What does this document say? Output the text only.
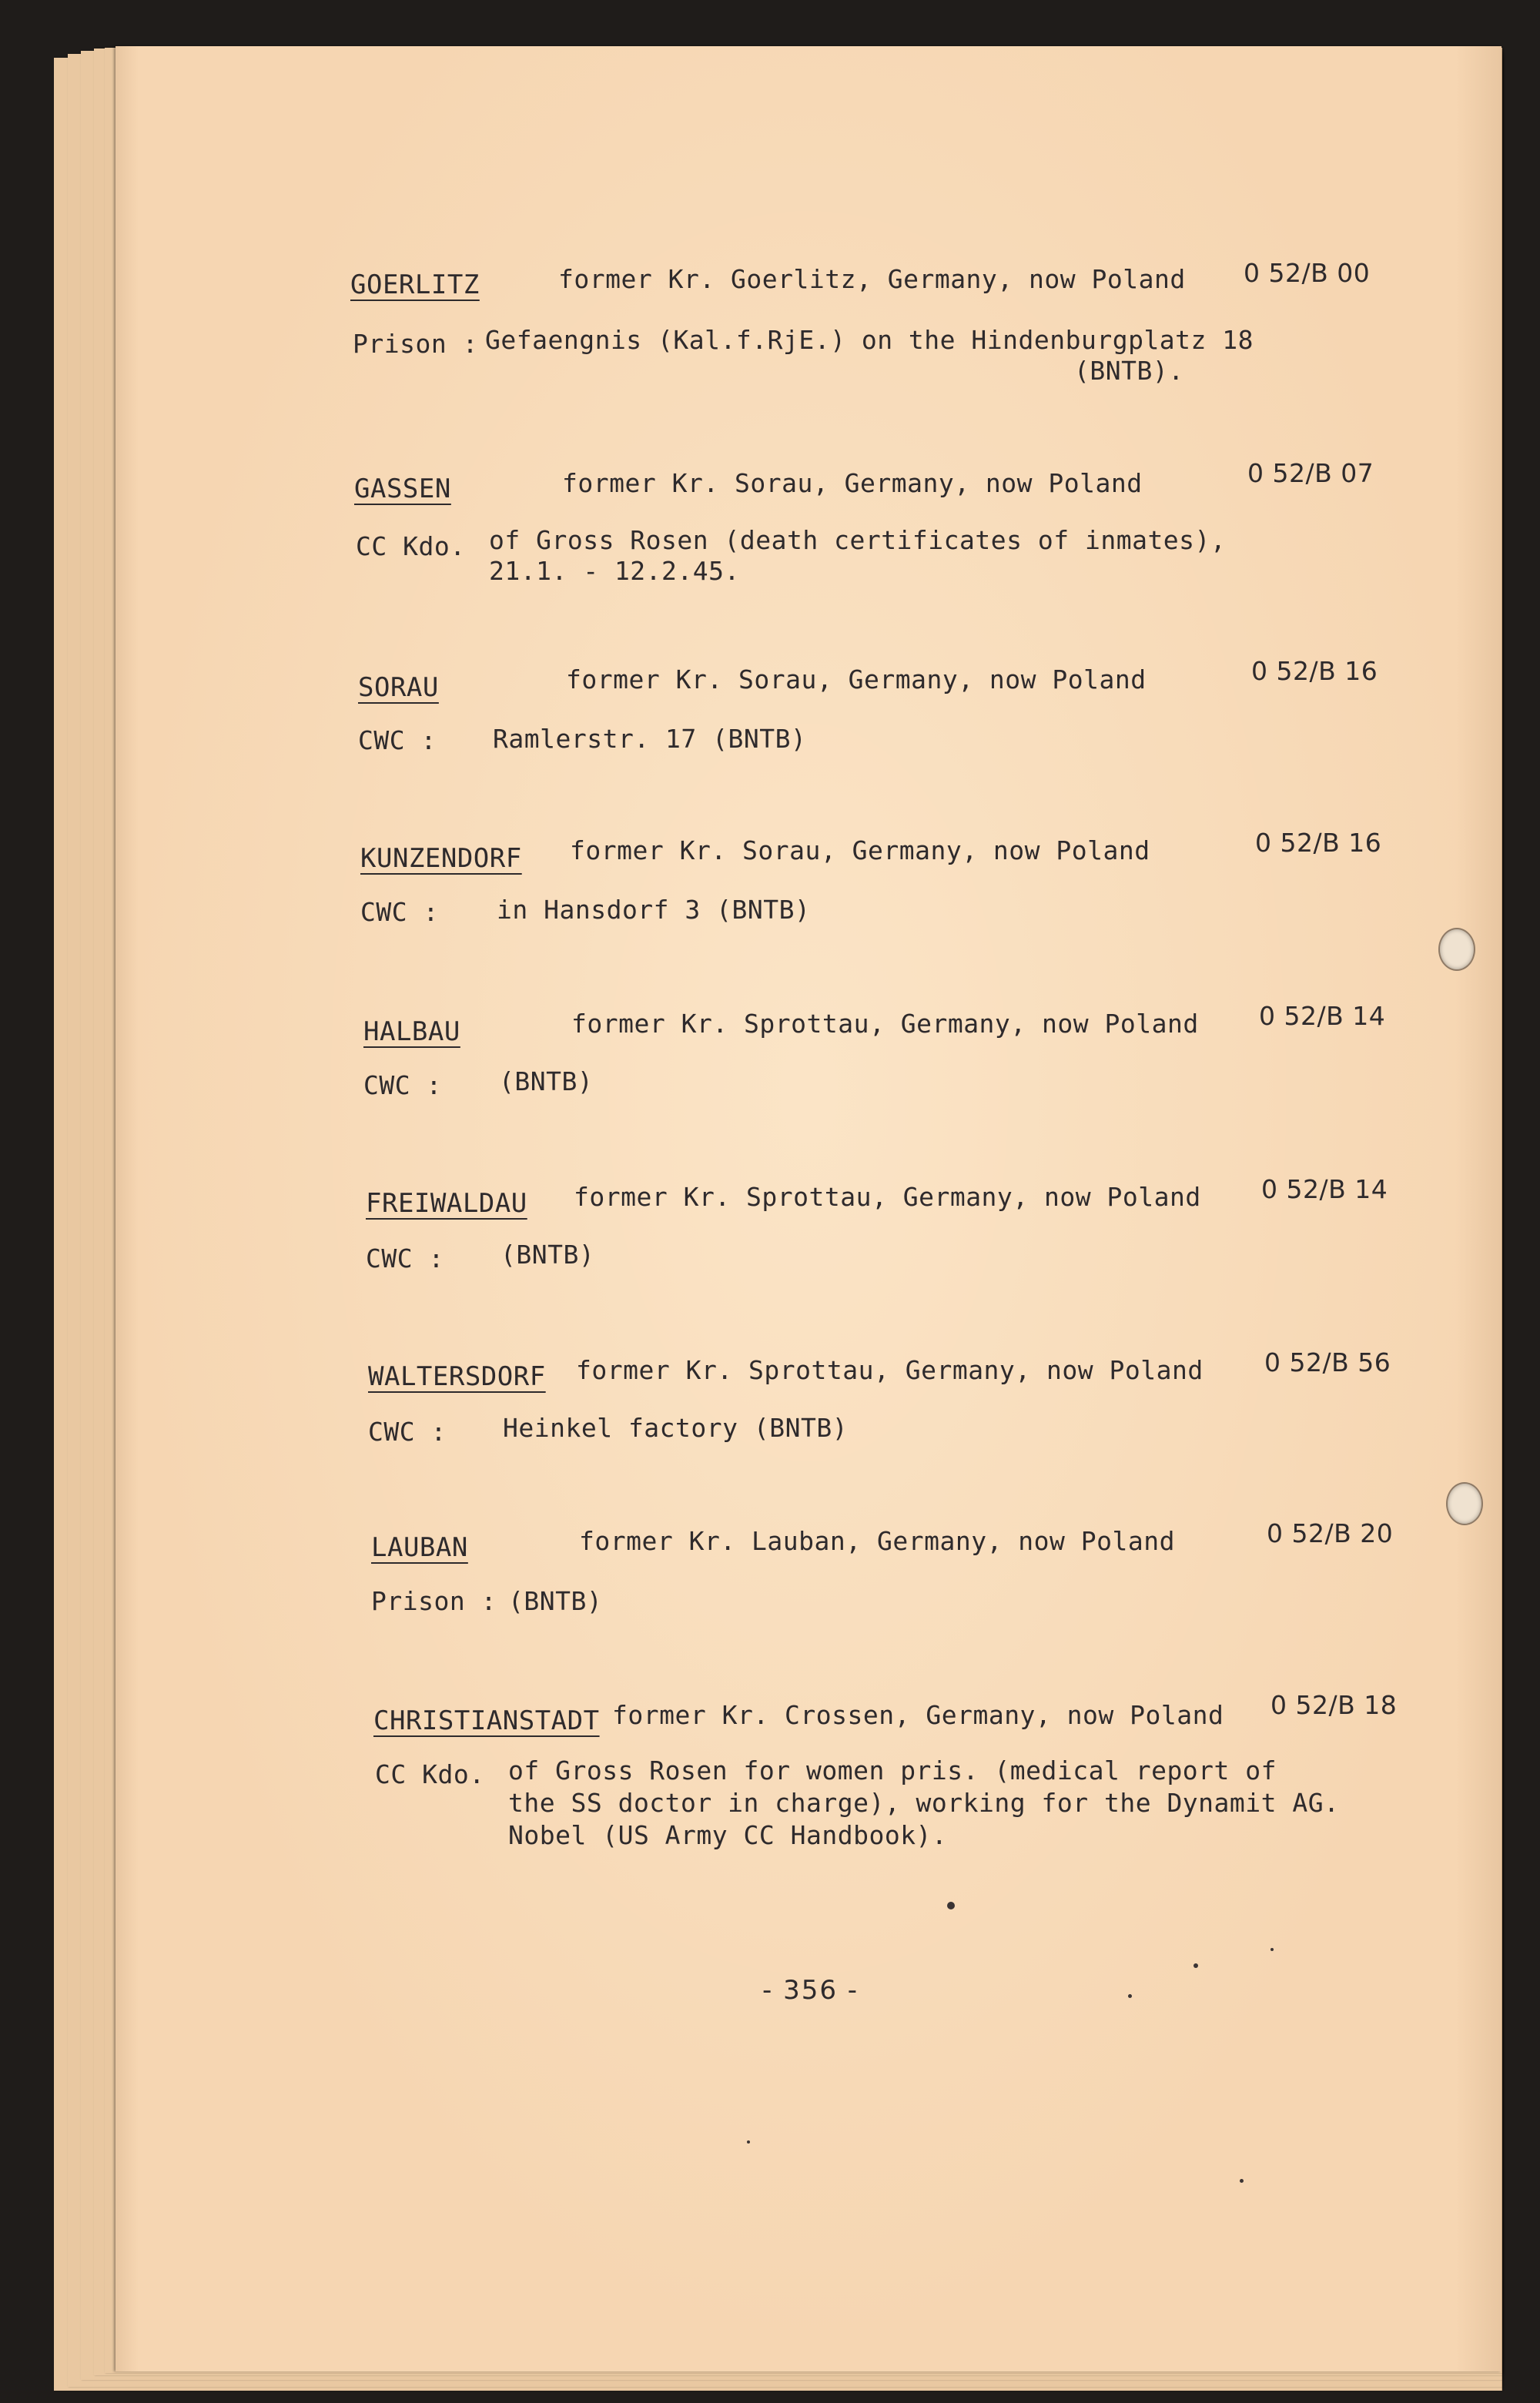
GOERLITZ	former Kr. Goerlitz, Germany, now Poland 0 52/B 00
Prison : Gefaengnis (Kal.f.RjE.) on the Hindenburgplatz 18
(BNTB).
GASSEN	former Kr. Sorau, Germany, now Poland	0 52/B 07
CC Kdo. of Gross Rosen (death certificates of inmates),
21.1. - 12.2.45.
SORAU	former Kr. Sorau, Germany, now Poland	0 52/B 16
CWC : Ramlerstr. 17 (BNTB)
KUNZENDORF former Kr. Sorau, Germany, now Poland	0 52/B 16
CWC : in Hansdorf 3 (BNTB)
HALBAU	former Kr. Sprottau, Germany, now Poland 0 52/B 14
CWC : (BNTB)
FREIWALDAU former Kr. Sprottau, Germany, now Poland 0 52/B 14
CWC : (BNTB)
WALTERSDORF former Kr. Sprottau, Germany, now Poland 0 52/B 56
CWC : Heinkel factory (BNTB)
LAUBAN	former Kr. Lauban, Germany, now Poland	0 52/B 20
Prison : (BNTB)
CHRISTIANSTADT former Kr. Crossen, Germany, now Poland 0 52/B 18
CC Kdo. of Gross Rosen for women pris. (medical report of
the SS doctor in charge), working for the Dynamit AG.
Nobel (US Army CC Handbook).
- 356 -
